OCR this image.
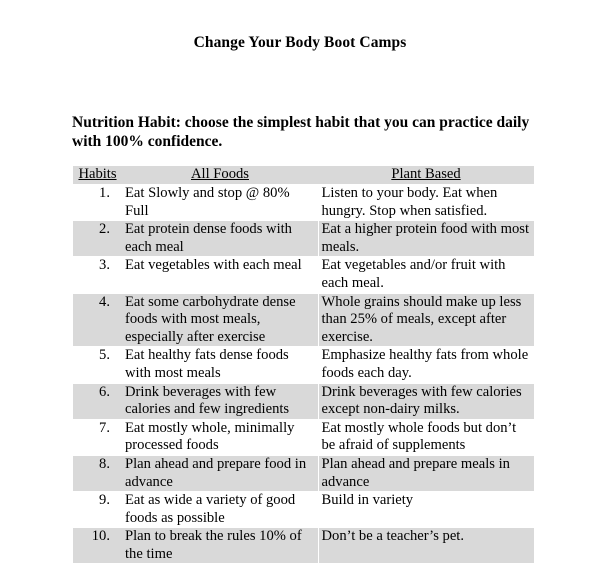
Change Your Body Boot Camps
Nutrition Habit: choose the simplest habit that you can practice daily with 100% confidence.
Habits	All Foods	Plant Based
1.	Eat Slowly and stop @ 80% Full	Listen to your body. Eat when hungry. Stop when satisfied.
2.	Eat protein dense foods with each meal	Eat a higher protein food with most meals.
3.	Eat vegetables with each meal	Eat vegetables and/or fruit with each meal.
4.	Eat some carbohydrate dense foods with most meals, especially after exercise	Whole grains should make up less than 25% of meals, except after exercise.
5.	Eat healthy fats dense foods with most meals	Emphasize healthy fats from whole foods each day.
6.	Drink beverages with few calories and few ingredients	Drink beverages with few calories except non-dairy milks.
7.	Eat mostly whole, minimally processed foods	Eat mostly whole foods but don’t be afraid of supplements
8.	Plan ahead and prepare food in advance	Plan ahead and prepare meals in advance
9.	Eat as wide a variety of good foods as possible	Build in variety
10.	Plan to break the rules 10% of the time	Don’t be a teacher’s pet.
